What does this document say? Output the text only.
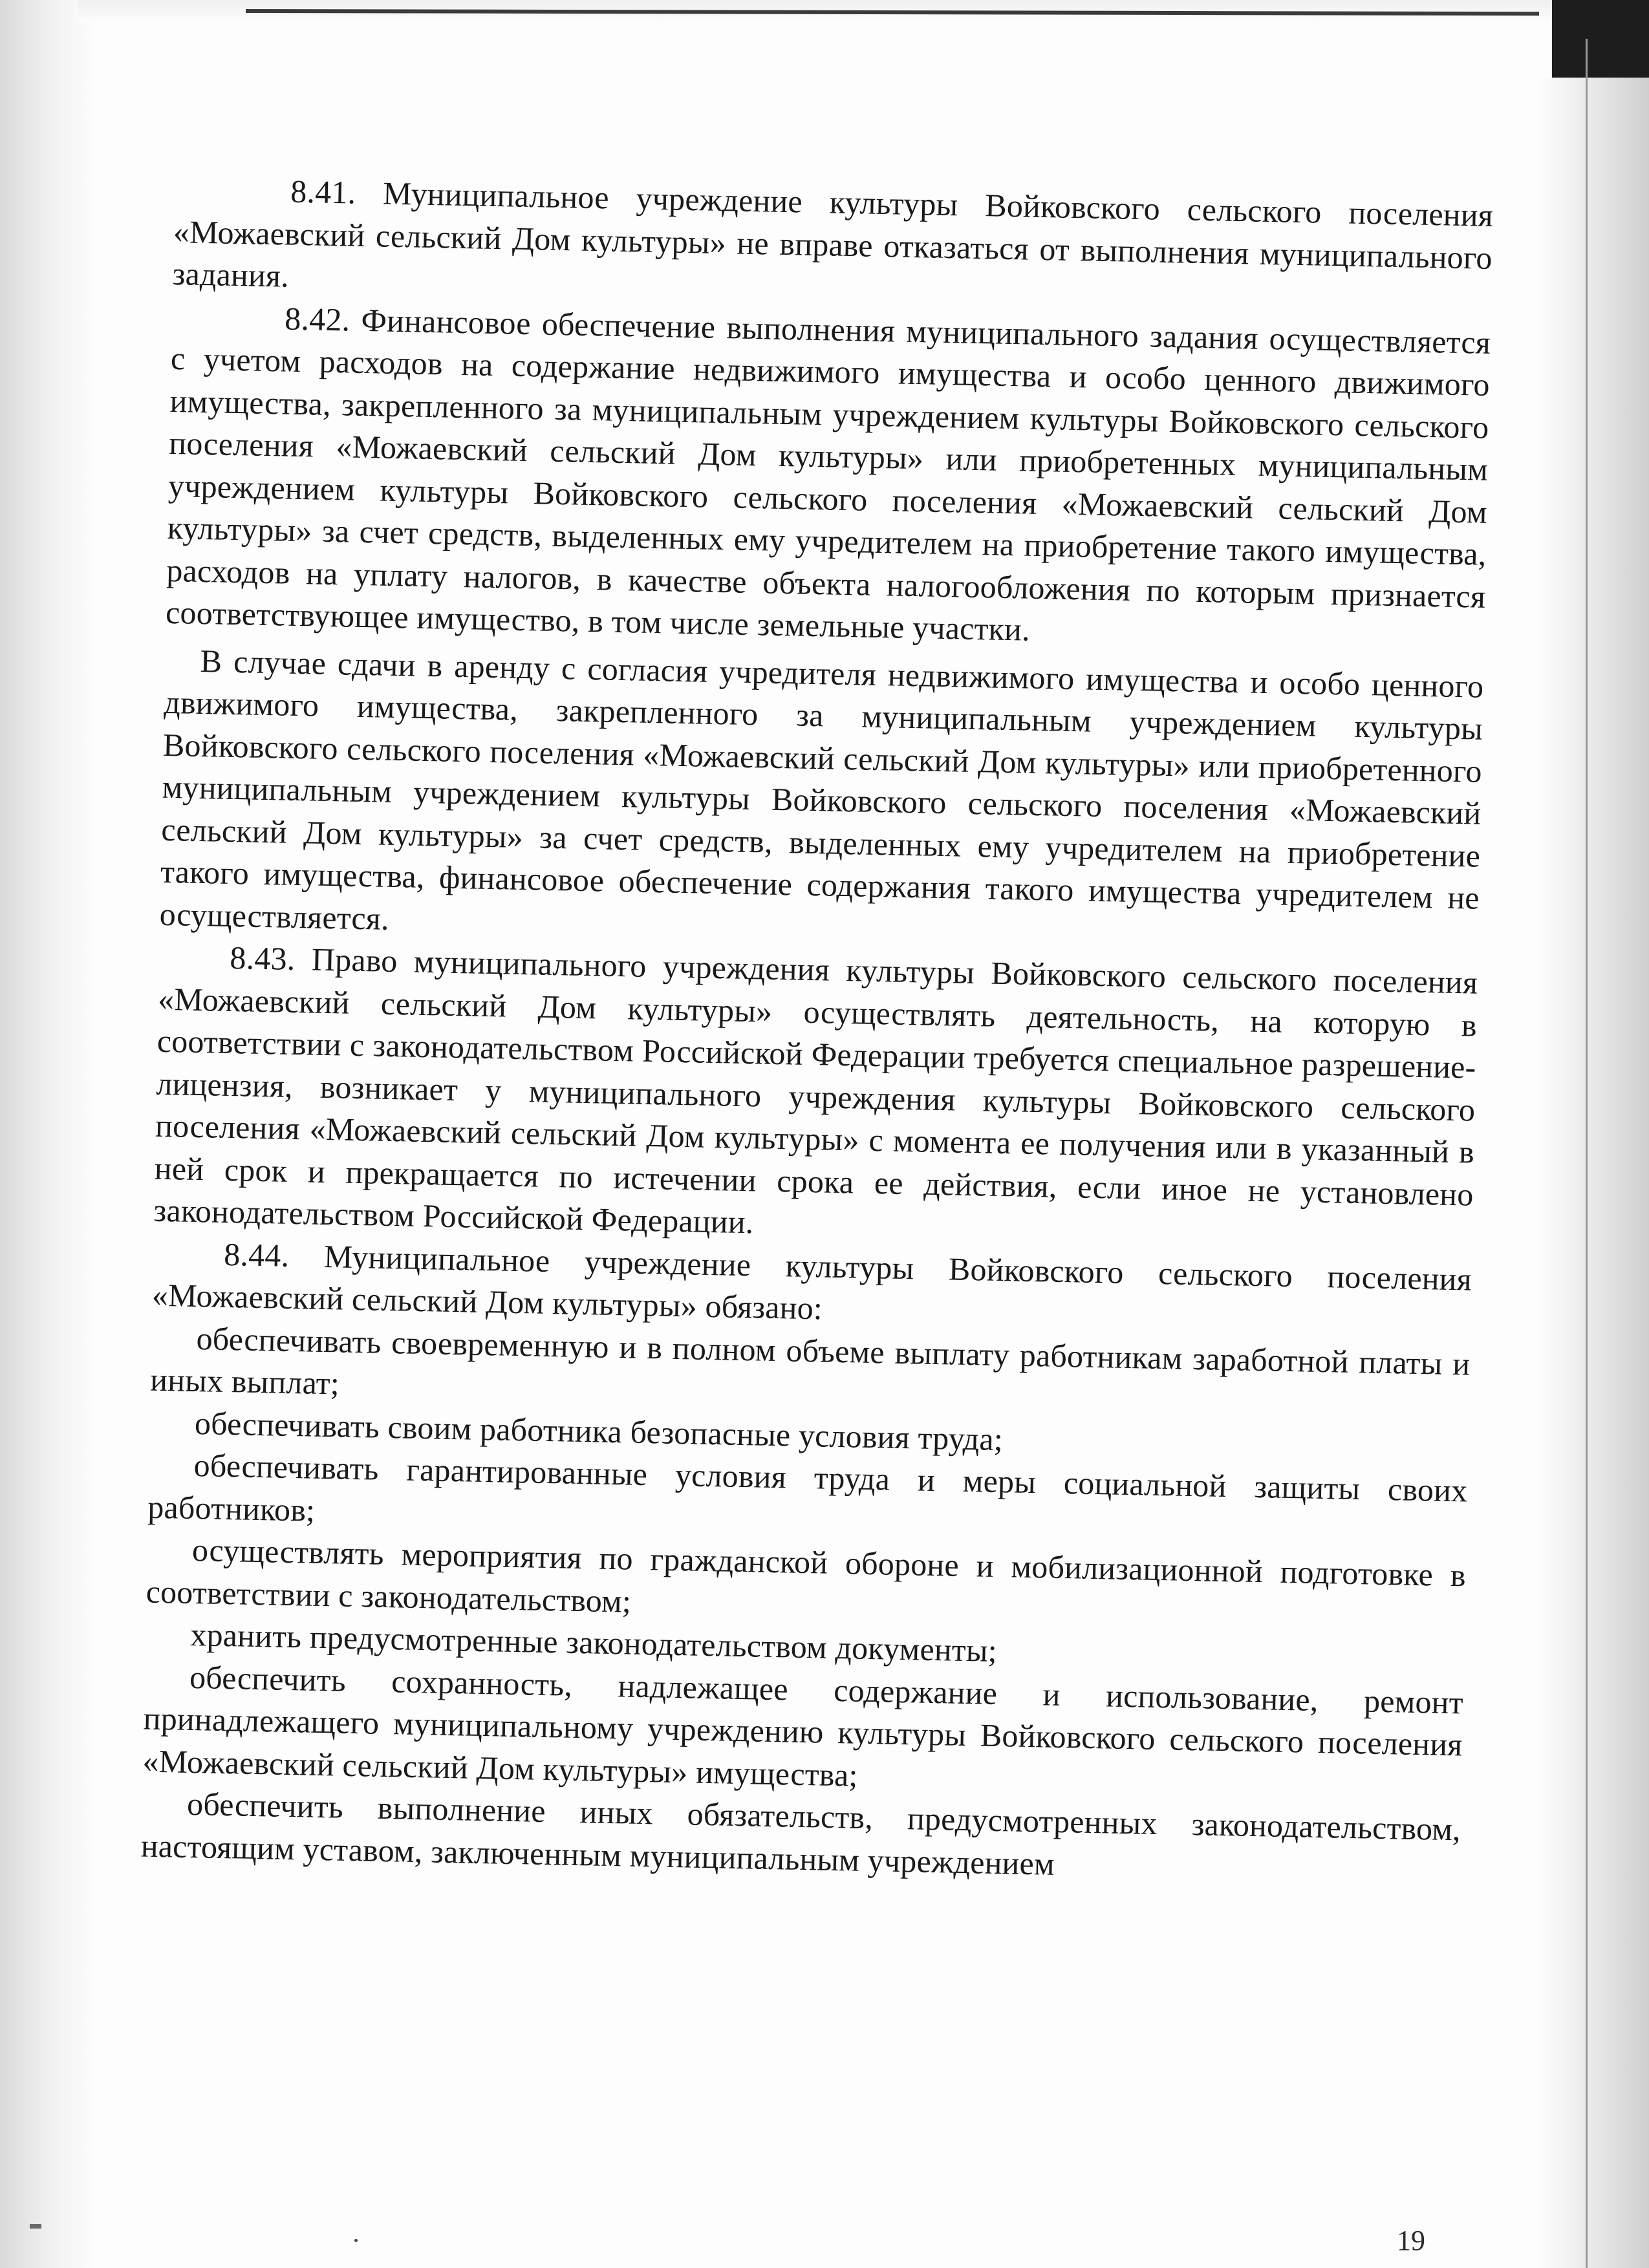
8.41. Муниципальное учреждение культуры Войковского сельского поселения «Можаевский сельский Дом культуры» не вправе отказаться от выполнения муниципального задания.

8.42. Финансовое обеспечение выполнения муниципального задания осуществляется с учетом расходов на содержание недвижимого имущества и особо ценного движимого имущества, закрепленного за муниципальным учреждением культуры Войковского сельского поселения «Можаевский сельский Дом культуры» или приобретенных муниципальным учреждением культуры Войковского сельского поселения «Можаевский сельский Дом культуры» за счет средств, выделенных ему учредителем на приобретение такого имущества, расходов на уплату налогов, в качестве объекта налогообложения по которым признается соответствующее имущество, в том числе земельные участки.

В случае сдачи в аренду с согласия учредителя недвижимого имущества и особо ценного движимого имущества, закрепленного за муниципальным учреждением культуры Войковского сельского поселения «Можаевский сельский Дом культуры» или приобретенного муниципальным учреждением культуры Войковского сельского поселения «Можаевский сельский Дом культуры» за счет средств, выделенных ему учредителем на приобретение такого имущества, финансовое обеспечение содержания такого имущества учредителем не осуществляется.

8.43. Право муниципального учреждения культуры Войковского сельского поселения «Можаевский сельский Дом культуры» осуществлять деятельность, на которую в соответствии с законодательством Российской Федерации требуется специальное разрешение- лицензия, возникает у муниципального учреждения культуры Войковского сельского поселения «Можаевский сельский Дом культуры» с момента ее получения или в указанный в ней срок и прекращается по истечении срока ее действия, если иное не установлено законодательством Российской Федерации.

8.44. Муниципальное учреждение культуры Войковского сельского поселения «Можаевский сельский Дом культуры» обязано:

обеспечивать своевременную и в полном объеме выплату работникам заработной платы и иных выплат;

обеспечивать своим работника безопасные условия труда;

обеспечивать гарантированные условия труда и меры социальной защиты своих работников;

осуществлять мероприятия по гражданской обороне и мобилизационной подготовке в соответствии с законодательством;

хранить предусмотренные законодательством документы;

обеспечить сохранность, надлежащее содержание и использование, ремонт принадлежащего муниципальному учреждению культуры Войковского сельского поселения «Можаевский сельский Дом культуры» имущества;

обеспечить выполнение иных обязательств, предусмотренных законодательством, настоящим уставом, заключенным муниципальным учреждением

19
